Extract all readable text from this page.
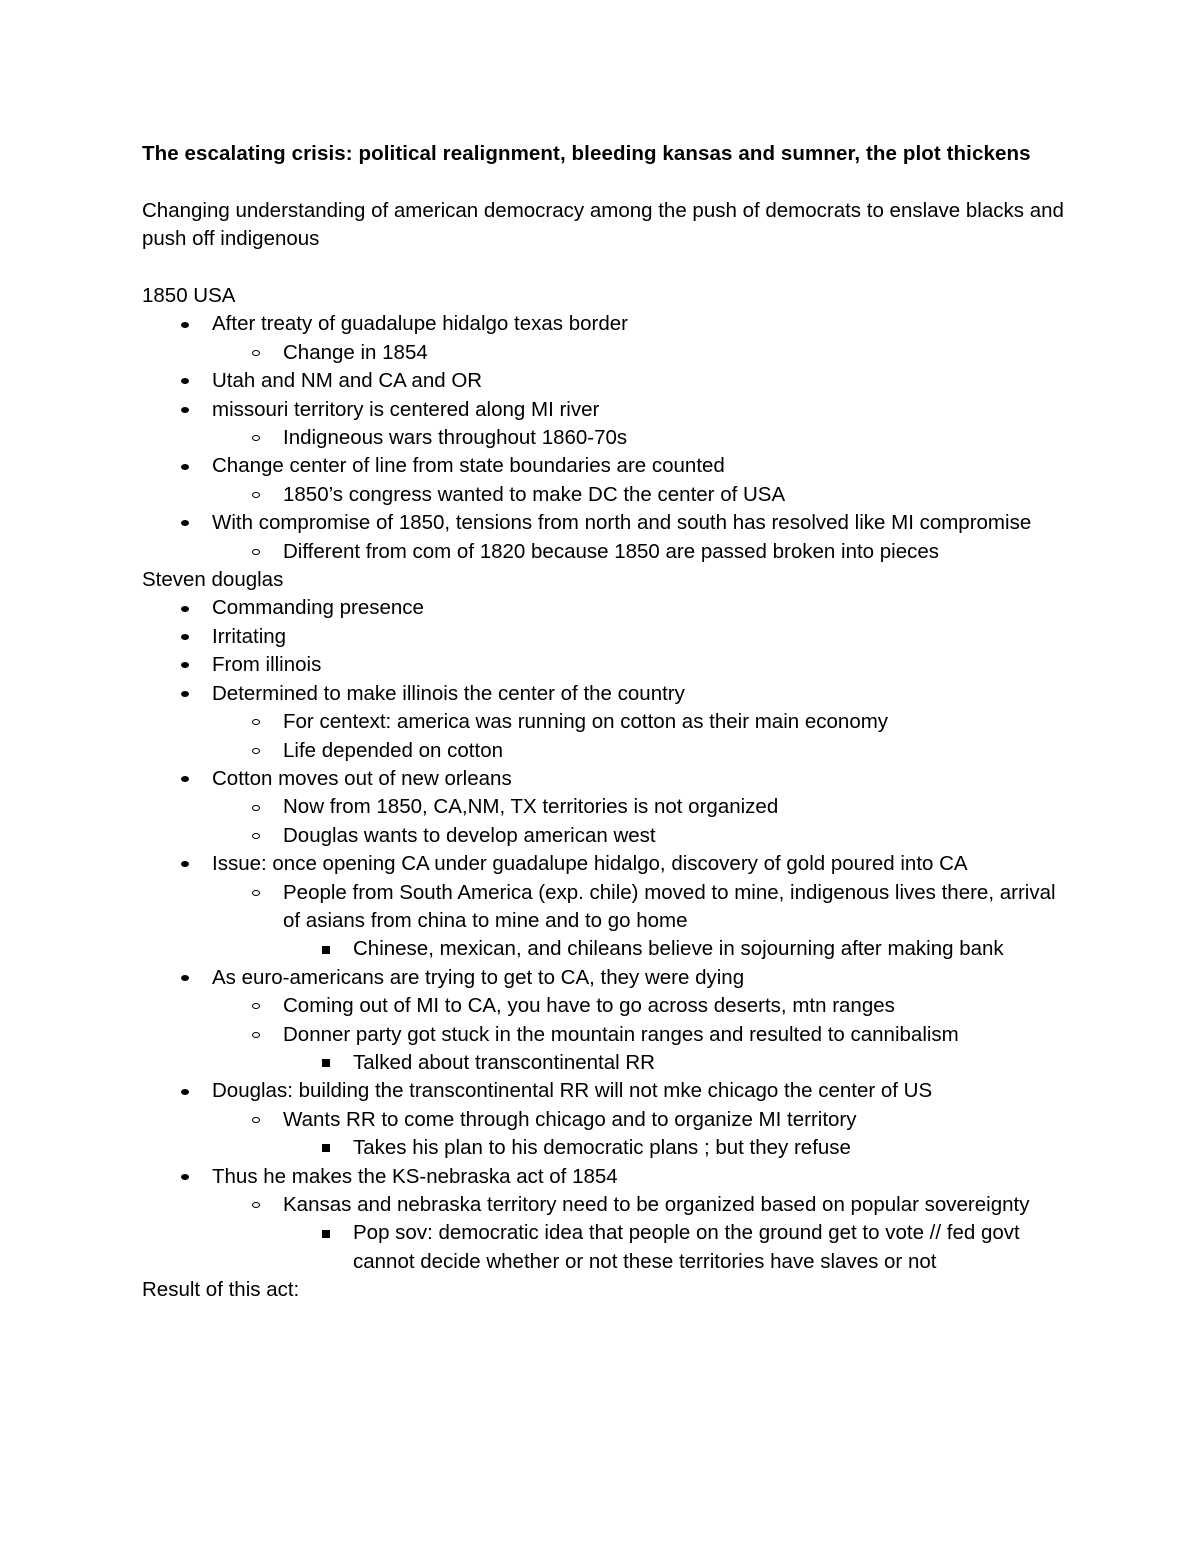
The escalating crisis: political realignment, bleeding kansas and sumner, the plot thickens

Changing understanding of american democracy among the push of democrats to enslave blacks and push off indigenous

1850 USA

After treaty of guadalupe hidalgo texas border
Change in 1854
Utah and NM and CA and OR
missouri territory is centered along MI river
Indigneous wars throughout 1860-70s
Change center of line from state boundaries are counted
1850’s congress wanted to make DC the center of USA
With compromise of 1850, tensions from north and south has resolved like MI compromise
Different from com of 1820 because 1850 are passed broken into pieces

Steven douglas

Commanding presence
Irritating
From illinois
Determined to make illinois the center of the country
For centext: america was running on cotton as their main economy
Life depended on cotton
Cotton moves out of new orleans
Now from 1850, CA,NM, TX territories is not organized
Douglas wants to develop american west
Issue: once opening CA under guadalupe hidalgo, discovery of gold poured into CA
People from South America (exp. chile) moved to mine, indigenous lives there, arrival of asians from china to mine and to go home
Chinese, mexican, and chileans believe in sojourning after making bank
As euro-americans are trying to get to CA, they were dying
Coming out of MI to CA, you have to go across deserts, mtn ranges
Donner party got stuck in the mountain ranges and resulted to cannibalism
Talked about transcontinental RR
Douglas: building the transcontinental RR will not mke chicago the center of US
Wants RR to come through chicago and to organize MI territory
Takes his plan to his democratic plans ; but they refuse
Thus he makes the KS-nebraska act of 1854
Kansas and nebraska territory need to be organized based on popular sovereignty
Pop sov: democratic idea that people on the ground get to vote // fed govt cannot decide whether or not these territories have slaves or not

Result of this act:
